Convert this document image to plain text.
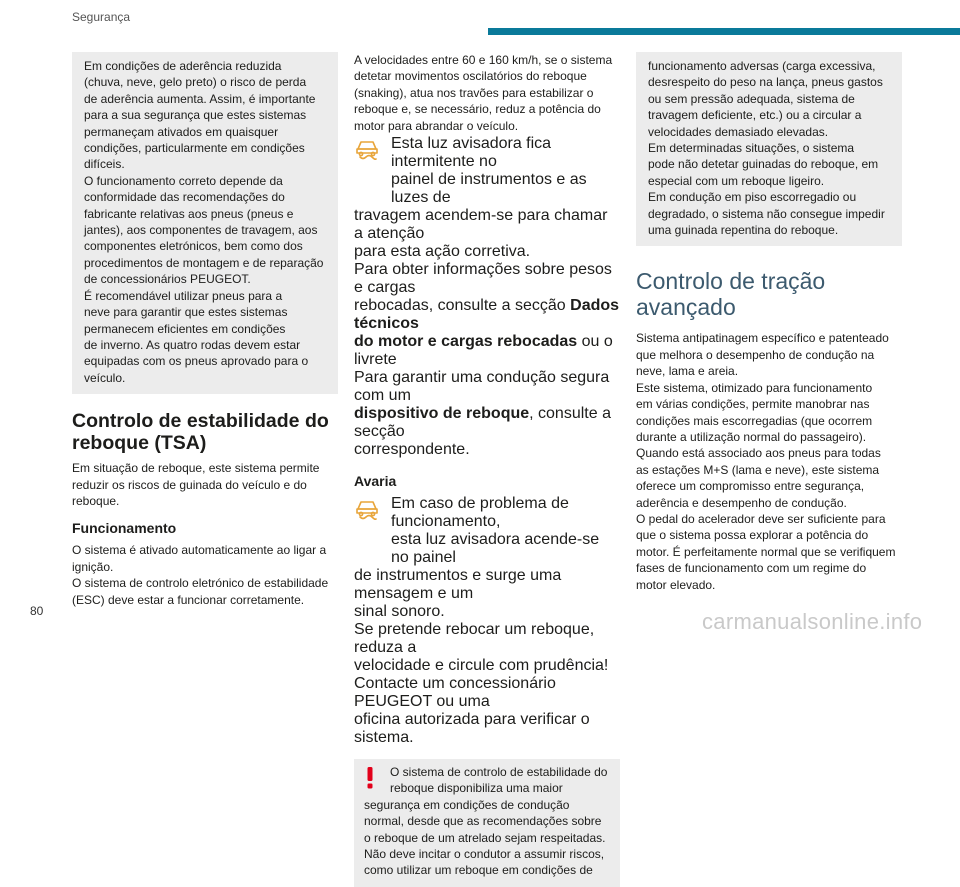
Segurança
Em condições de aderência reduzida
(chuva, neve, gelo preto) o risco de perda
de aderência aumenta. Assim, é importante
para a sua segurança que estes sistemas
permaneçam ativados em quaisquer
condições, particularmente em condições
difíceis.
O funcionamento correto depende da
conformidade das recomendações do
fabricante relativas aos pneus (pneus e
jantes), aos componentes de travagem, aos
componentes eletrónicos, bem como dos
procedimentos de montagem e de reparação
de concessionários PEUGEOT.
É recomendável utilizar pneus para a
neve para garantir que estes sistemas
permanecem eficientes em condições
de inverno. As quatro rodas devem estar
equipadas com os pneus aprovado para o
veículo.
Controlo de estabilidade do
reboque (TSA)

Em situação de reboque, este sistema permite
reduzir os riscos de guinada do veículo e do
reboque.

Funcionamento

O sistema é ativado automaticamente ao ligar a
ignição.
O sistema de controlo eletrónico de estabilidade
(ESC) deve estar a funcionar corretamente.

A velocidades entre 60 e 160 km/h, se o sistema
detetar movimentos oscilatórios do reboque
(snaking), atua nos travões para estabilizar o
reboque e, se necessário, reduz a potência do
motor para abrandar o veículo.

Esta luz avisadora fica intermitente no
painel de instrumentos e as luzes de
travagem acendem-se para chamar a atenção
para esta ação corretiva.
Para obter informações sobre pesos e cargas
rebocadas, consulte a secção Dados técnicos
do motor e cargas rebocadas ou o livrete
Para garantir uma condução segura com um
dispositivo de reboque, consulte a secção
correspondente.
Avaria
Em caso de problema de funcionamento,
esta luz avisadora acende-se no painel
de instrumentos e surge uma mensagem e um
sinal sonoro.
Se pretende rebocar um reboque, reduza a
velocidade e circule com prudência!
Contacte um concessionário PEUGEOT ou uma
oficina autorizada para verificar o sistema.
O sistema de controlo de estabilidade do
reboque disponibiliza uma maior
segurança em condições de condução
normal, desde que as recomendações sobre
o reboque de um atrelado sejam respeitadas.
Não deve incitar o condutor a assumir riscos,
como utilizar um reboque em condições de
funcionamento adversas (carga excessiva,
desrespeito do peso na lança, pneus gastos
ou sem pressão adequada, sistema de
travagem deficiente, etc.) ou a circular a
velocidades demasiado elevadas.
Em determinadas situações, o sistema
pode não detetar guinadas do reboque, em
especial com um reboque ligeiro.
Em condução em piso escorregadio ou
degradado, o sistema não consegue impedir
uma guinada repentina do reboque.
Controlo de tração
avançado

Sistema antipatinagem específico e patenteado
que melhora o desempenho de condução na
neve, lama e areia.
Este sistema, otimizado para funcionamento
em várias condições, permite manobrar nas
condições mais escorregadias (que ocorrem
durante a utilização normal do passageiro).
Quando está associado aos pneus para todas
as estações M+S (lama e neve), este sistema
oferece um compromisso entre segurança,
aderência e desempenho de condução.
O pedal do acelerador deve ser suficiente para
que o sistema possa explorar a potência do
motor. É perfeitamente normal que se verifiquem
fases de funcionamento com um regime do
motor elevado.

80	carmanualsonline.info
